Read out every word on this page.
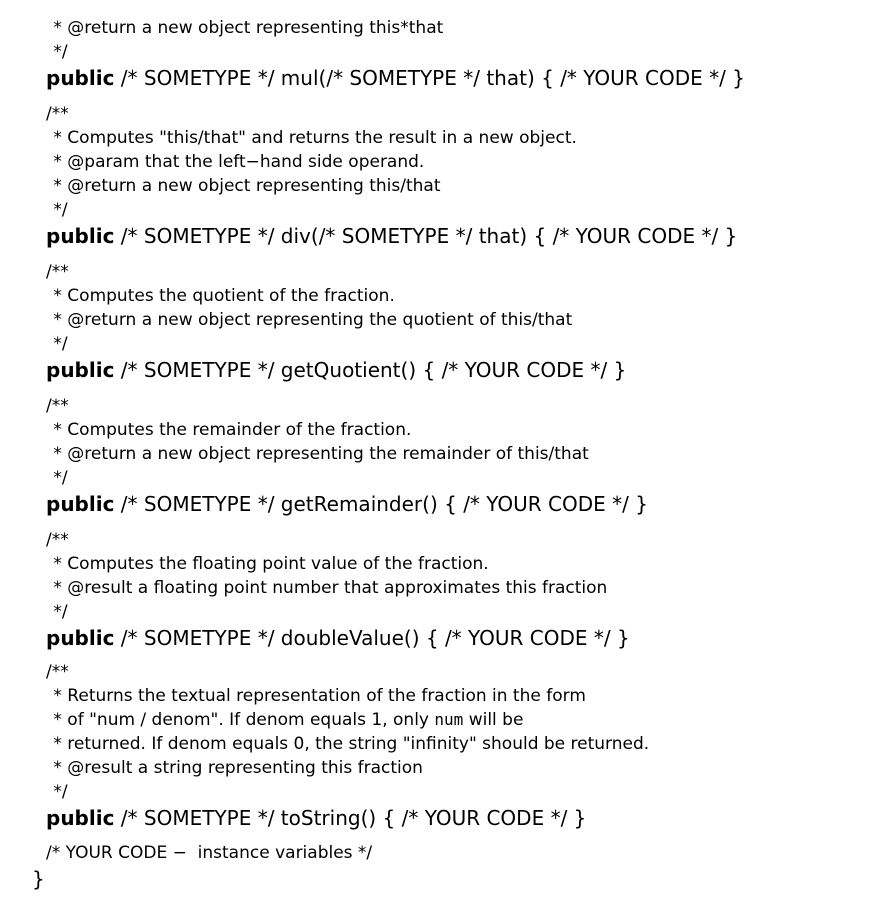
* @return a new object representing this*that
*/
public /* SOMETYPE */ mul(/* SOMETYPE */ that) { /* YOUR CODE */ }
/**
* Computes "this/that" and returns the result in a new object.
* @param that the left−hand side operand.
* @return a new object representing this/that
*/
public /* SOMETYPE */ div(/* SOMETYPE */ that) { /* YOUR CODE */ }
/**
* Computes the quotient of the fraction.
* @return a new object representing the quotient of this/that
*/
public /* SOMETYPE */ getQuotient() { /* YOUR CODE */ }
/**
* Computes the remainder of the fraction.
* @return a new object representing the remainder of this/that
*/
public /* SOMETYPE */ getRemainder() { /* YOUR CODE */ }
/**
* Computes the floating point value of the fraction.
* @result a floating point number that approximates this fraction
*/
public /* SOMETYPE */ doubleValue() { /* YOUR CODE */ }
/**
* Returns the textual representation of the fraction in the form
* of "num / denom". If denom equals 1, only num will be
* returned. If denom equals 0, the string "infinity" should be returned.
* @result a string representing this fraction
*/
public /* SOMETYPE */ toString() { /* YOUR CODE */ }
/* YOUR CODE −  instance variables */
}
